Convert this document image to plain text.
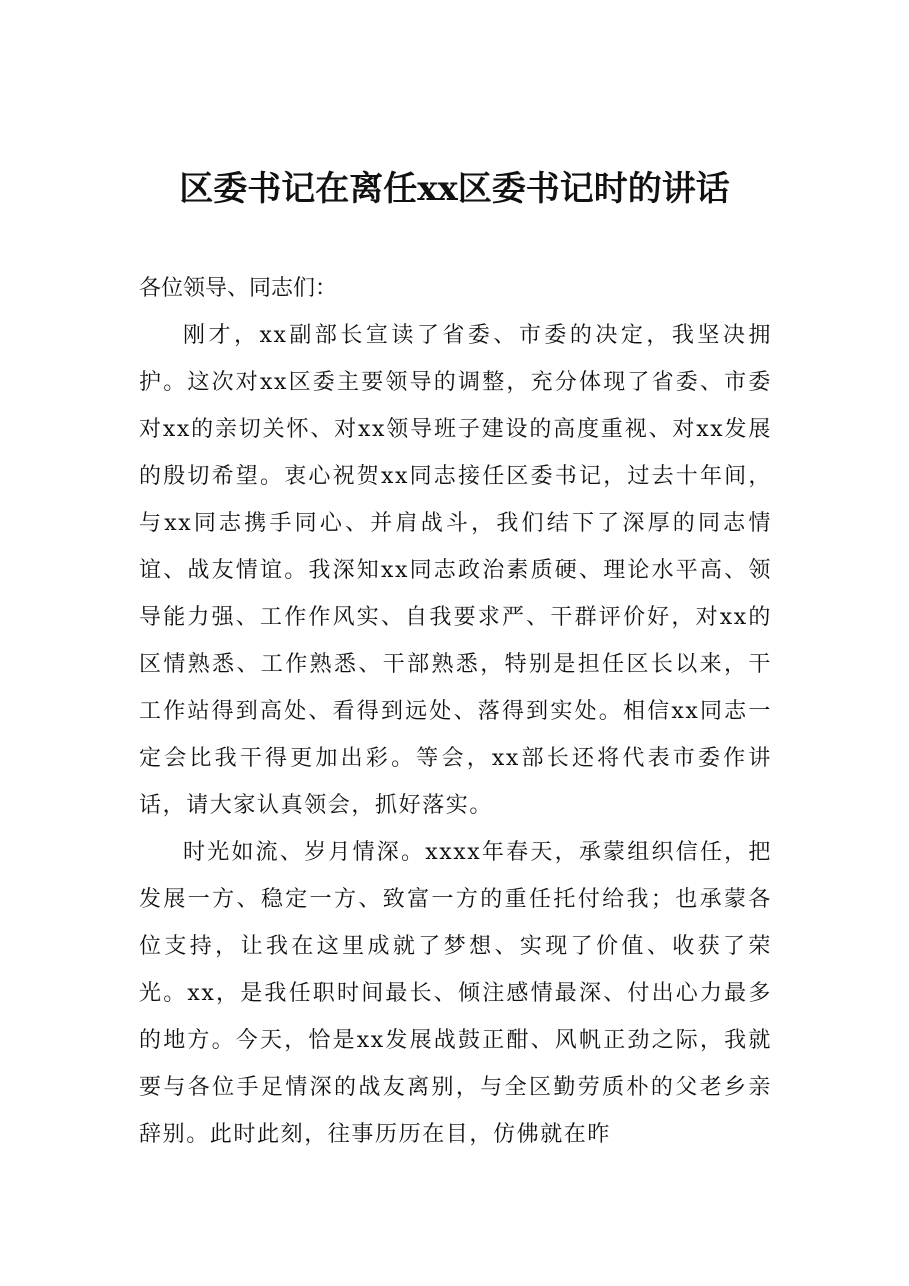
区委书记在离任xx区委书记时的讲话

各位领导、同志们：

刚才，xx副部长宣读了省委、市委的决定，我坚决拥护。这次对xx区委主要领导的调整，充分体现了省委、市委对xx的亲切关怀、对xx领导班子建设的高度重视、对xx发展的殷切希望。衷心祝贺xx同志接任区委书记，过去十年间，与xx同志携手同心、并肩战斗，我们结下了深厚的同志情谊、战友情谊。我深知xx同志政治素质硬、理论水平高、领导能力强、工作作风实、自我要求严、干群评价好，对xx的区情熟悉、工作熟悉、干部熟悉，特别是担任区长以来，干工作站得到高处、看得到远处、落得到实处。相信xx同志一定会比我干得更加出彩。等会，xx部长还将代表市委作讲话，请大家认真领会，抓好落实。

时光如流、岁月情深。xxxx年春天，承蒙组织信任，把发展一方、稳定一方、致富一方的重任托付给我；也承蒙各位支持，让我在这里成就了梦想、实现了价值、收获了荣光。xx，是我任职时间最长、倾注感情最深、付出心力最多的地方。今天，恰是xx发展战鼓正酣、风帆正劲之际，我就要与各位手足情深的战友离别，与全区勤劳质朴的父老乡亲辞别。此时此刻，往事历历在目，仿佛就在昨
